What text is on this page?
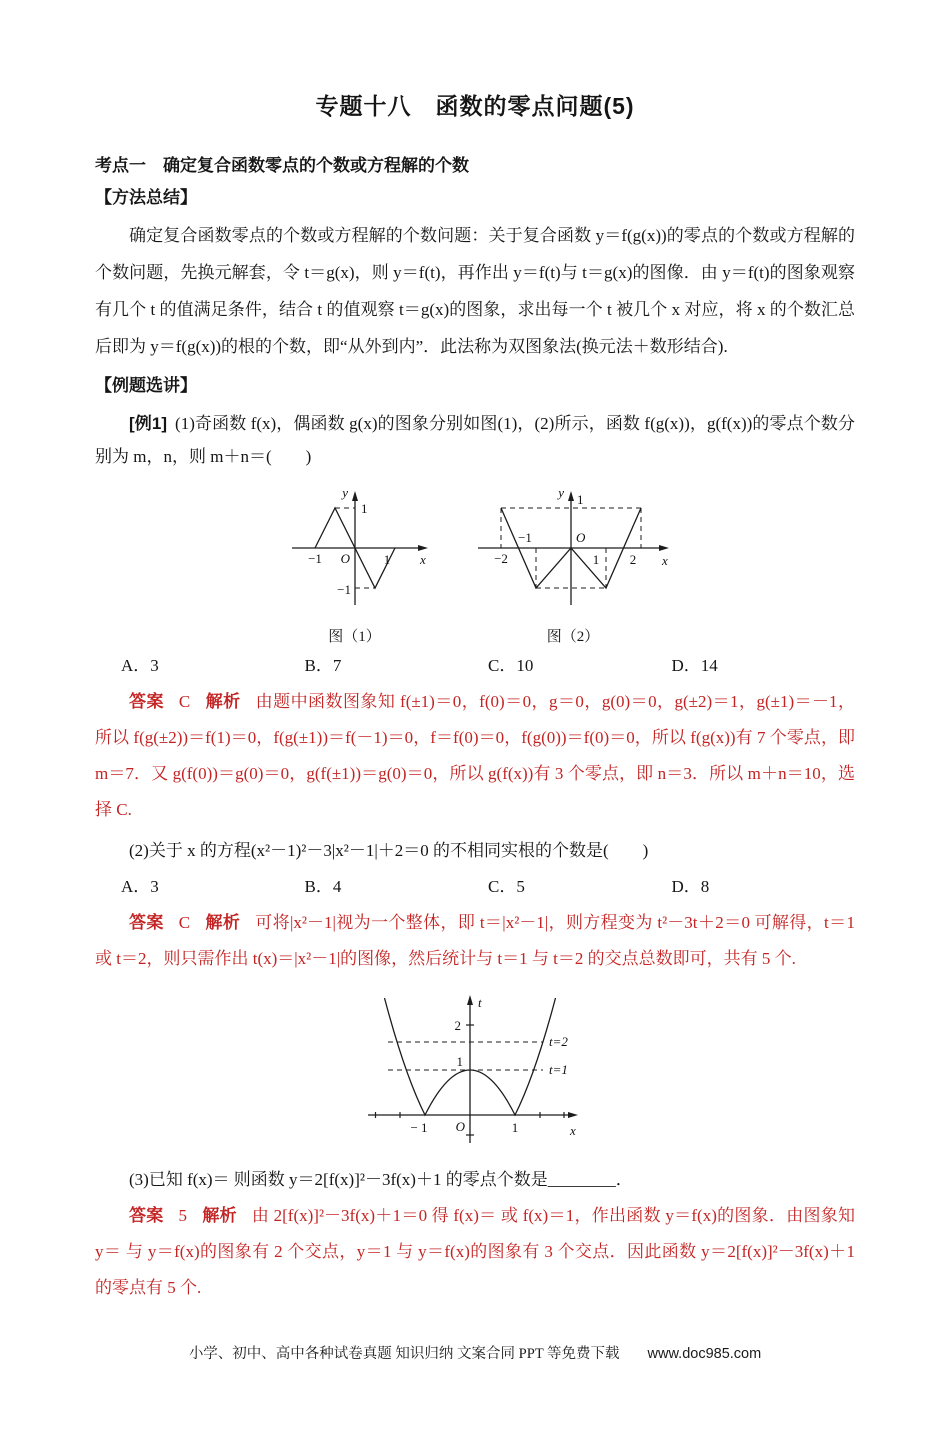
专题十八　函数的零点问题(5)
考点一　确定复合函数零点的个数或方程解的个数
【方法总结】

确定复合函数零点的个数或方程解的个数问题：关于复合函数 y＝f(g(x))的零点的个数或方程解的个数问题，先换元解套，令 t＝g(x)，则 y＝f(t)，再作出 y＝f(t)与 t＝g(x)的图像．由 y＝f(t)的图象观察有几个 t 的值满足条件，结合 t 的值观察 t＝g(x)的图象，求出每一个 t 被几个 x 对应，将 x 的个数汇总后即为 y＝f(g(x))的根的个数，即“从外到内”．此法称为双图象法(换元法＋数形结合).

【例题选讲】

[例1] (1)奇函数 f(x)，偶函数 g(x)的图象分别如图(1)，(2)所示，函数 f(g(x))，g(f(x))的零点个数分别为 m，n，则 m＋n＝(　　)

y
x
O
−1	1
1
−1
图（1）
y
x
O
1
−2
−1
1 2
图（2）
A．3	B．7	C．10	D．14

答案 C 解析 由题中函数图象知 f(±1)＝0，f(0)＝0，g＝0，g(0)＝0，g(±2)＝1，g(±1)＝－1，所以 f(g(±2))＝f(1)＝0，f(g(±1))＝f(－1)＝0，f＝f(0)＝0，f(g(0))＝f(0)＝0，所以 f(g(x))有 7 个零点，即 m＝7．又 g(f(0))＝g(0)＝0，g(f(±1))＝g(0)＝0，所以 g(f(x))有 3 个零点，即 n＝3．所以 m＋n＝10，选择 C.

(2)关于 x 的方程(x²－1)²－3|x²－1|＋2＝0 的不相同实根的个数是(　　)

A．3	B．4	C．5	D．8

答案 C 解析 可将|x²－1|视为一个整体，即 t＝|x²－1|，则方程变为 t²－3t＋2＝0 可解得，t＝1 或 t＝2，则只需作出 t(x)＝|x²－1|的图像，然后统计与 t＝1 与 t＝2 的交点总数即可，共有 5 个.

t
x
O
2
1
− 1	1
t=2
t=1

(3)已知 f(x)＝ 则函数 y＝2[f(x)]²－3f(x)＋1 的零点个数是________．

答案 5 解析 由 2[f(x)]²－3f(x)＋1＝0 得 f(x)＝ 或 f(x)＝1，作出函数 y＝f(x)的图象．由图象知 y＝ 与 y＝f(x)的图象有 2 个交点，y＝1 与 y＝f(x)的图象有 3 个交点．因此函数 y＝2[f(x)]²－3f(x)＋1 的零点有 5 个.

小学、初中、高中各种试卷真题 知识归纳 文案合同 PPT 等免费下载 www.doc985.com
